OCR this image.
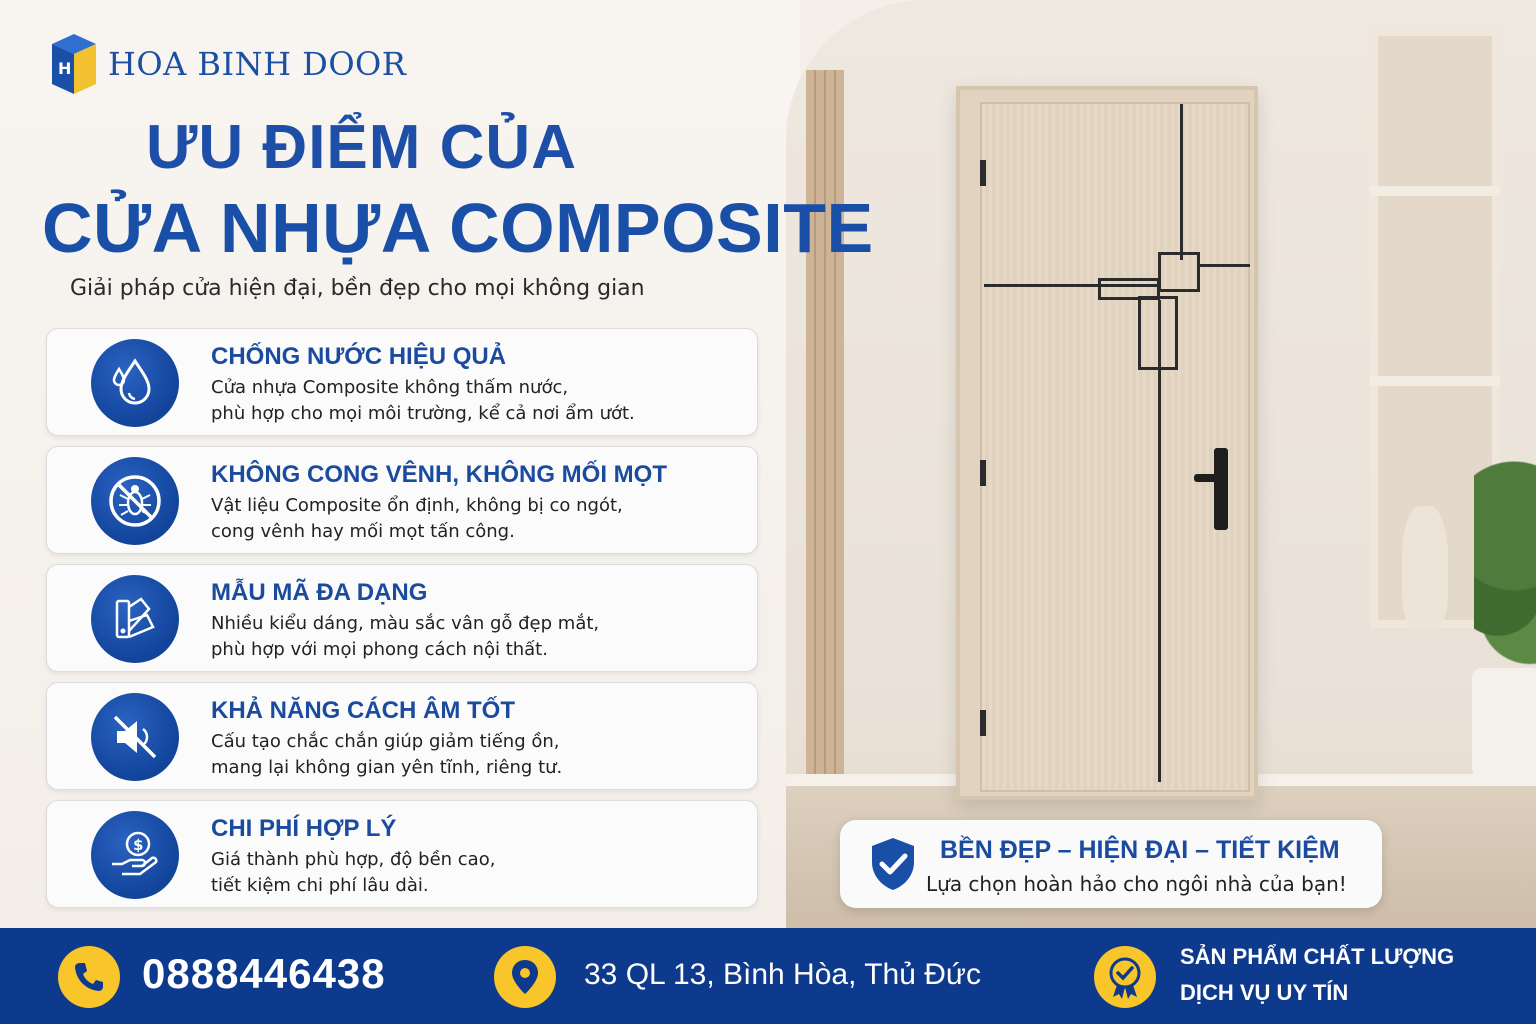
H HOA BINH DOOR
ƯU ĐIỂM CỦA
CỬA NHỰA COMPOSITE
Giải pháp cửa hiện đại, bền đẹp cho mọi không gian
CHỐNG NƯỚC HIỆU QUẢ
Cửa nhựa Composite không thấm nước,
phù hợp cho mọi môi trường, kể cả nơi ẩm ướt.
KHÔNG CONG VÊNH, KHÔNG MỐI MỌT
Vật liệu Composite ổn định, không bị co ngót,
cong vênh hay mối mọt tấn công.
MẪU MÃ ĐA DẠNG
Nhiều kiểu dáng, màu sắc vân gỗ đẹp mắt,
phù hợp với mọi phong cách nội thất.
KHẢ NĂNG CÁCH ÂM TỐT
Cấu tạo chắc chắn giúp giảm tiếng ồn,
mang lại không gian yên tĩnh, riêng tư.
$
CHI PHÍ HỢP LÝ
Giá thành phù hợp, độ bền cao,
tiết kiệm chi phí lâu dài.
BỀN ĐẸP – HIỆN ĐẠI – TIẾT KIỆM
Lựa chọn hoàn hảo cho ngôi nhà của bạn!
0888446438	33 QL 13, Bình Hòa, Thủ Đức
SẢN PHẨM CHẤT LƯỢNG
DỊCH VỤ UY TÍN
